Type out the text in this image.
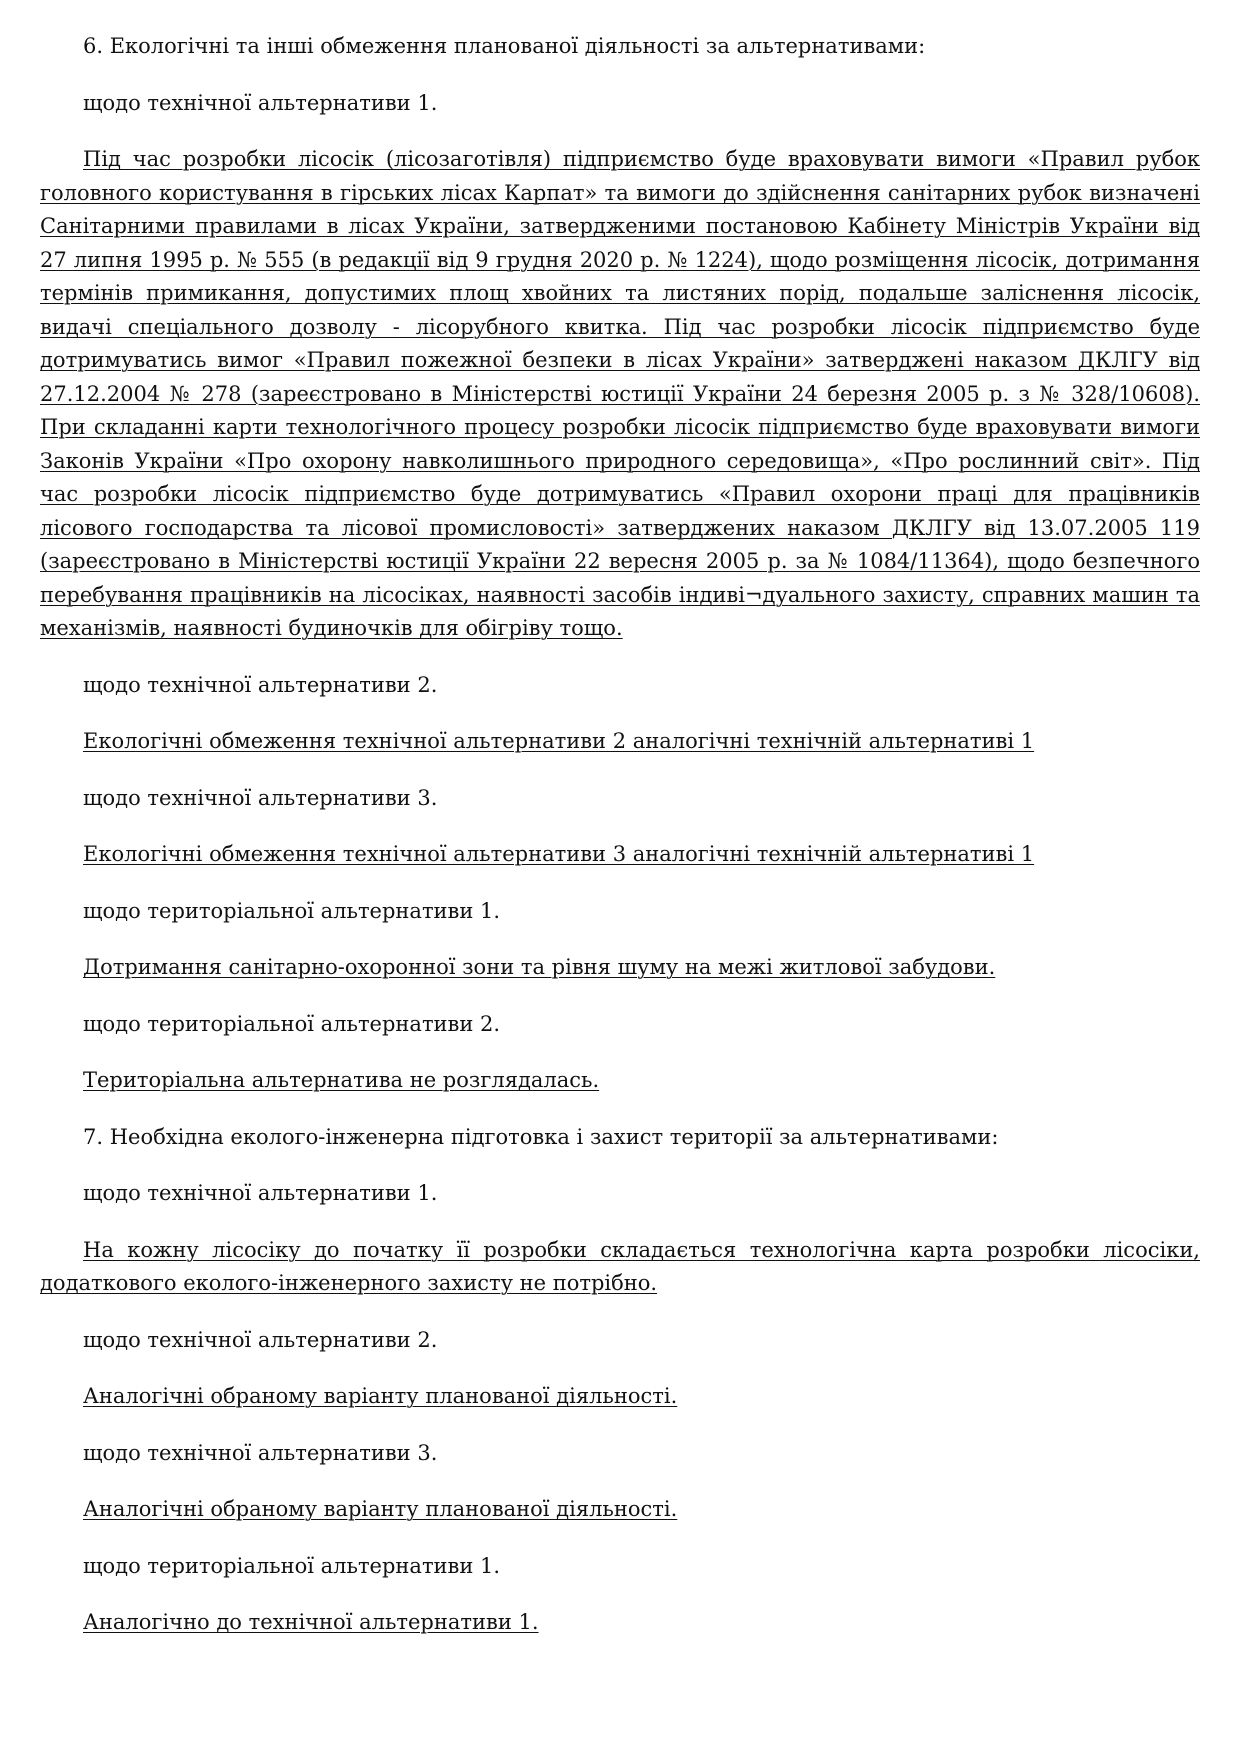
6. Екологічні та інші обмеження планованої діяльності за альтернативами:

щодо технічної альтернативи 1.

Під час розробки лісосік (лісозаготівля) підприємство буде враховувати вимоги «Правил рубок головного користування в гірських лісах Карпат» та вимоги до здійснення санітарних рубок визначені Санітарними правилами в лісах України, затвердженими постановою Кабінету Міністрів України від 27 липня 1995 р. № 555 (в редакції від 9 грудня 2020 р. № 1224), щодо розміщення лісосік, дотримання термінів примикання, допустимих площ хвойних та листяних порід, подальше заліснення лісосік, видачі спеціального дозволу - лісорубного квитка. Під час розробки лісосік підприємство буде дотримуватись вимог «Правил пожежної безпеки в лісах України» затверджені наказом ДКЛГУ від 27.12.2004 № 278 (зареєстровано в Міністерстві юстиції України 24 березня 2005 р. з № 328/10608). При складанні карти технологічного процесу розробки лісосік підприємство буде враховувати вимоги Законів України «Про охорону навколишнього природного середовища», «Про рослинний світ». Під час розробки лісосік підприємство буде дотримуватись «Правил охорони праці для працівників лісового господарства та лісової промисловості» затверджених наказом ДКЛГУ від 13.07.2005 119 (зареєстровано в Міністерстві юстиції України 22 вересня 2005 р. за № 1084/11364), щодо безпечного перебування працівників на лісосіках, наявності засобів індиві¬дуального захисту, справних машин та механізмів, наявності будиночків для обігріву тощо.

щодо технічної альтернативи 2.

Екологічні обмеження технічної альтернативи 2 аналогічні технічній альтернативі 1

щодо технічної альтернативи 3.

Екологічні обмеження технічної альтернативи 3 аналогічні технічній альтернативі 1

щодо територіальної альтернативи 1.

Дотримання санітарно-охоронної зони та рівня шуму на межі житлової забудови.

щодо територіальної альтернативи 2.

Територіальна альтернатива не розглядалась.

7. Необхідна еколого-інженерна підготовка і захист території за альтернативами:

щодо технічної альтернативи 1.

На кожну лісосіку до початку її розробки складається технологічна карта розробки лісосіки, додаткового еколого-інженерного захисту не потрібно.

щодо технічної альтернативи 2.

Аналогічні обраному варіанту планованої діяльності.

щодо технічної альтернативи 3.

Аналогічні обраному варіанту планованої діяльності.

щодо територіальної альтернативи 1.

Аналогічно до технічної альтернативи 1.
